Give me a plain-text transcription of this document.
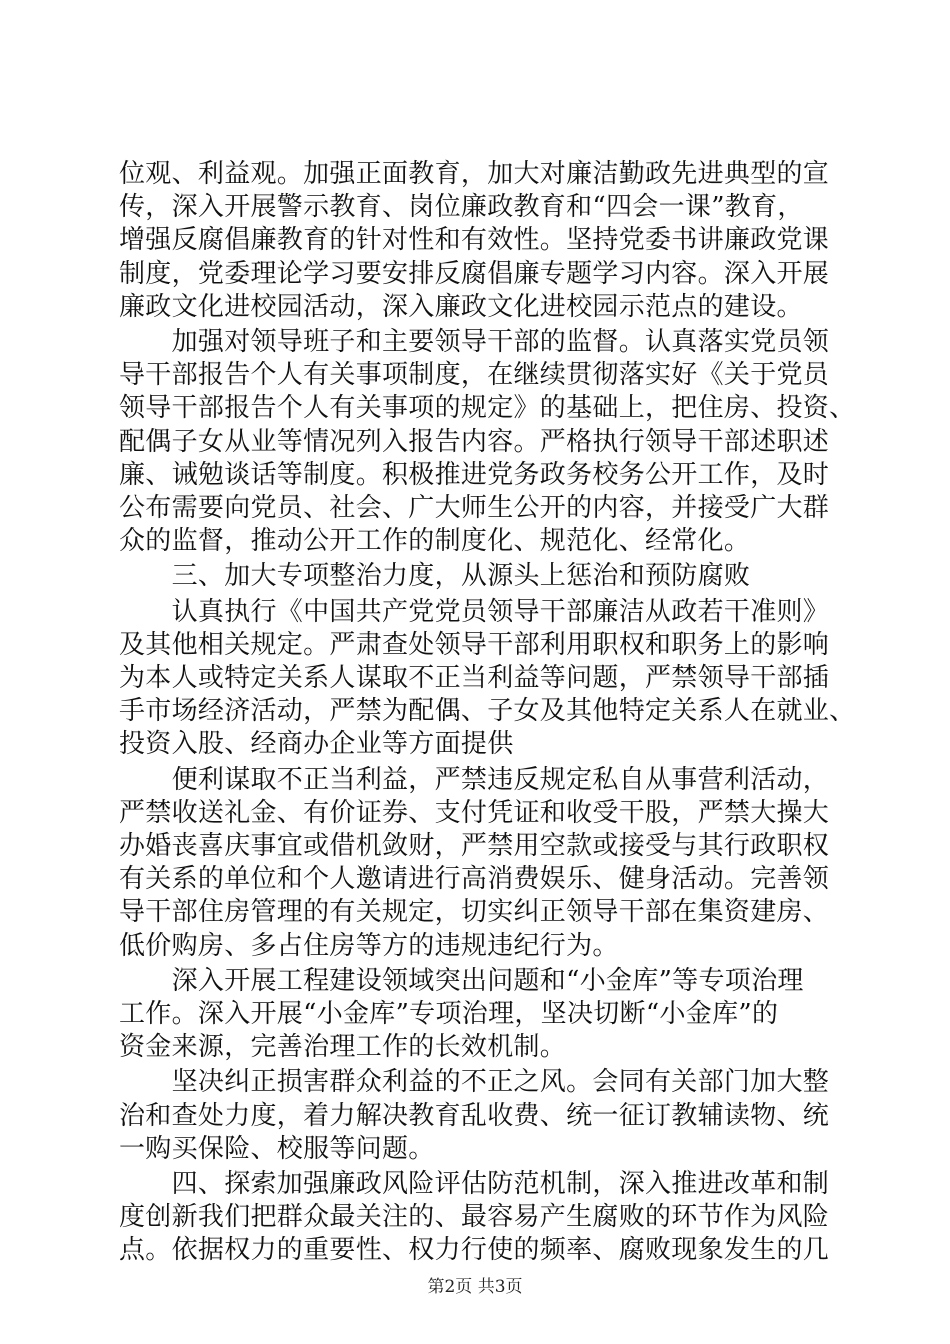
位观、利益观。加强正面教育，加大对廉洁勤政先进典型的宣
传，深入开展警示教育、岗位廉政教育和“四会一课”教育，
增强反腐倡廉教育的针对性和有效性。坚持党委书讲廉政党课
制度，党委理论学习要安排反腐倡廉专题学习内容。深入开展
廉政文化进校园活动，深入廉政文化进校园示范点的建设。
　　加强对领导班子和主要领导干部的监督。认真落实党员领
导干部报告个人有关事项制度，在继续贯彻落实好《关于党员
领导干部报告个人有关事项的规定》的基础上，把住房、投资、
配偶子女从业等情况列入报告内容。严格执行领导干部述职述
廉、诫勉谈话等制度。积极推进党务政务校务公开工作，及时
公布需要向党员、社会、广大师生公开的内容，并接受广大群
众的监督，推动公开工作的制度化、规范化、经常化。
　　三、加大专项整治力度，从源头上惩治和预防腐败
　　认真执行《中国共产党党员领导干部廉洁从政若干准则》
及其他相关规定。严肃查处领导干部利用职权和职务上的影响
为本人或特定关系人谋取不正当利益等问题，严禁领导干部插
手市场经济活动，严禁为配偶、子女及其他特定关系人在就业、
投资入股、经商办企业等方面提供
　　便利谋取不正当利益，严禁违反规定私自从事营利活动，
严禁收送礼金、有价证券、支付凭证和收受干股，严禁大操大
办婚丧喜庆事宜或借机敛财，严禁用空款或接受与其行政职权
有关系的单位和个人邀请进行高消费娱乐、健身活动。完善领
导干部住房管理的有关规定，切实纠正领导干部在集资建房、
低价购房、多占住房等方的违规违纪行为。
　　深入开展工程建设领域突出问题和“小金库”等专项治理
工作。深入开展“小金库”专项治理，坚决切断“小金库”的
资金来源，完善治理工作的长效机制。
　　坚决纠正损害群众利益的不正之风。会同有关部门加大整
治和查处力度，着力解决教育乱收费、统一征订教辅读物、统
一购买保险、校服等问题。
　　四、探索加强廉政风险评估防范机制，深入推进改革和制
度创新我们把群众最关注的、最容易产生腐败的环节作为风险
点。依据权力的重要性、权力行使的频率、腐败现象发生的几
第2页 共3页
